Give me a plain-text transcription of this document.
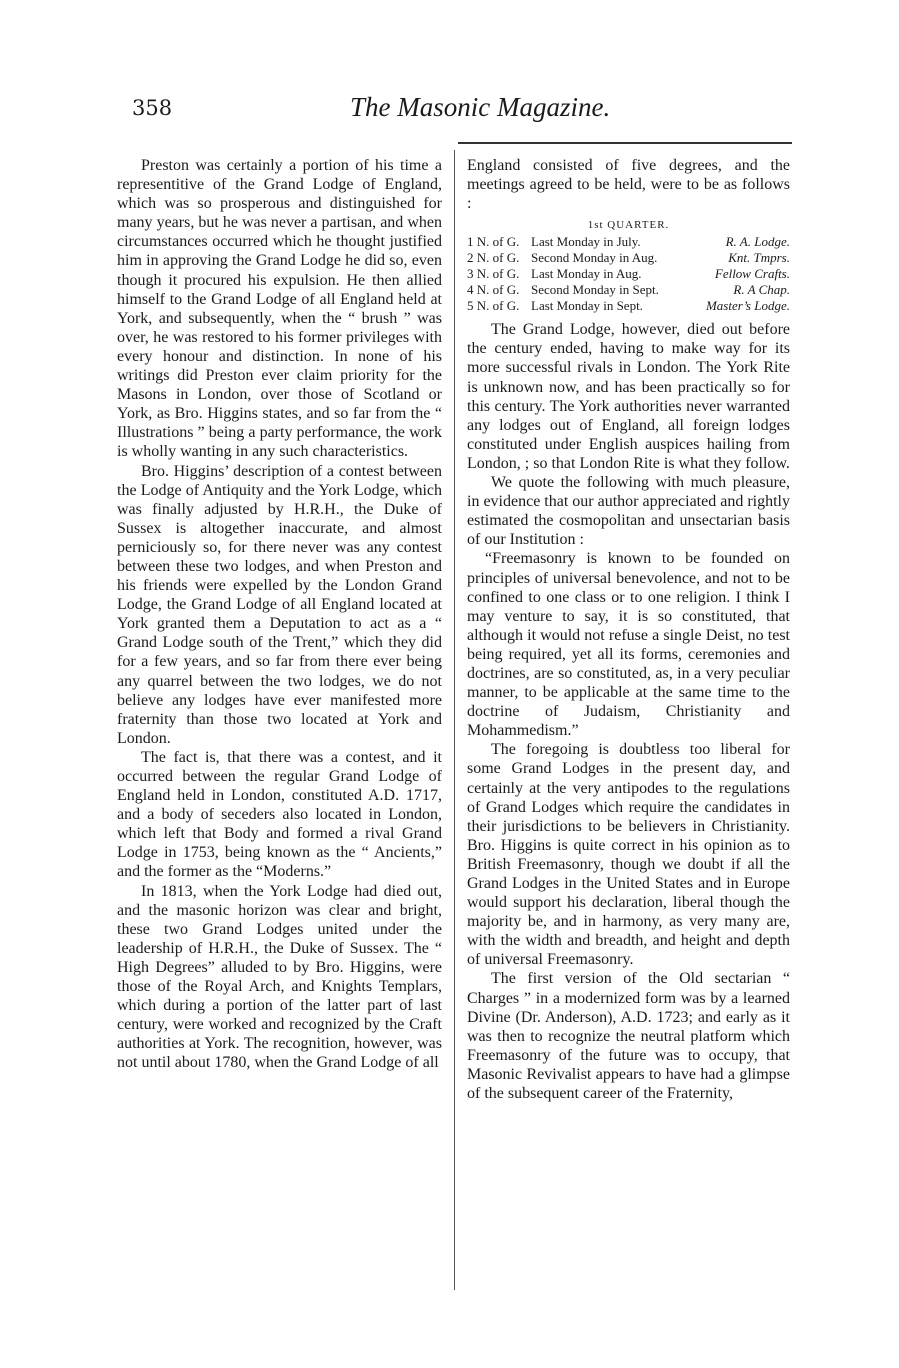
358	The Masonic Magazine.

Preston was certainly a portion of his time a representitive of the Grand Lodge of England, which was so prosperous and distinguished for many years, but he was never a partisan, and when circumstances occurred which he thought justified him in approving the Grand Lodge he did so, even though it procured his expulsion. He then allied himself to the Grand Lodge of all England held at York, and subsequently, when the “ brush ” was over, he was restored to his former privileges with every honour and distinction. In none of his writings did Preston ever claim priority for the Masons in London, over those of Scotland or York, as Bro. Higgins states, and so far from the “ Illustrations ” being a party performance, the work is wholly wanting in any such characteristics.

Bro. Higgins’ description of a contest between the Lodge of Antiquity and the York Lodge, which was finally adjusted by H.R.H., the Duke of Sussex is altogether inaccurate, and almost perniciously so, for there never was any contest between these two lodges, and when Preston and his friends were expelled by the London Grand Lodge, the Grand Lodge of all England located at York granted them a Deputation to act as a “ Grand Lodge south of the Trent,” which they did for a few years, and so far from there ever being any quarrel between the two lodges, we do not believe any lodges have ever manifested more fraternity than those two located at York and London.

The fact is, that there was a contest, and it occurred between the regular Grand Lodge of England held in London, constituted A.D. 1717, and a body of seceders also located in London, which left that Body and formed a rival Grand Lodge in 1753, being known as the “ Ancients,” and the former as the “Moderns.”

In 1813, when the York Lodge had died out, and the masonic horizon was clear and bright, these two Grand Lodges united under the leadership of H.R.H., the Duke of Sussex. The “ High Degrees” alluded to by Bro. Higgins, were those of the Royal Arch, and Knights Templars, which during a portion of the latter part of last century, were worked and recognized by the Craft authorities at York. The recognition, however, was not until about 1780, when the Grand Lodge of all

England consisted of five degrees, and the meetings agreed to be held, were to be as follows :

1st QUARTER.
1 N. of G. Last Monday in July.	R. A. Lodge.
2 N. of G. Second Monday in Aug.	Knt. Tmprs.
3 N. of G. Last Monday in Aug.	Fellow Crafts.
4 N. of G. Second Monday in Sept.	R. A Chap.
5 N. of G. Last Monday in Sept.	Master’s Lodge.

The Grand Lodge, however, died out before the century ended, having to make way for its more successful rivals in London. The York Rite is unknown now, and has been practically so for this century. The York authorities never warranted any lodges out of England, all foreign lodges constituted under English auspices hailing from London, ; so that London Rite is what they follow.

We quote the following with much pleasure, in evidence that our author appreciated and rightly estimated the cosmopolitan and unsectarian basis of our Institution :

“Freemasonry is known to be founded on principles of universal benevolence, and not to be confined to one class or to one religion. I think I may venture to say, it is so constituted, that although it would not refuse a single Deist, no test being required, yet all its forms, ceremonies and doctrines, are so constituted, as, in a very peculiar manner, to be applicable at the same time to the doctrine of Judaism, Christianity and Mohammedism.”

The foregoing is doubtless too liberal for some Grand Lodges in the present day, and certainly at the very antipodes to the regulations of Grand Lodges which require the candidates in their jurisdictions to be believers in Christianity. Bro. Higgins is quite correct in his opinion as to British Freemasonry, though we doubt if all the Grand Lodges in the United States and in Europe would support his declaration, liberal though the majority be, and in harmony, as very many are, with the width and breadth, and height and depth of universal Freemasonry.

The first version of the Old sectarian “ Charges ” in a modernized form was by a learned Divine (Dr. Anderson), A.D. 1723; and early as it was then to recognize the neutral platform which Freemasonry of the future was to occupy, that Masonic Revivalist appears to have had a glimpse of the subsequent career of the Fraternity,
